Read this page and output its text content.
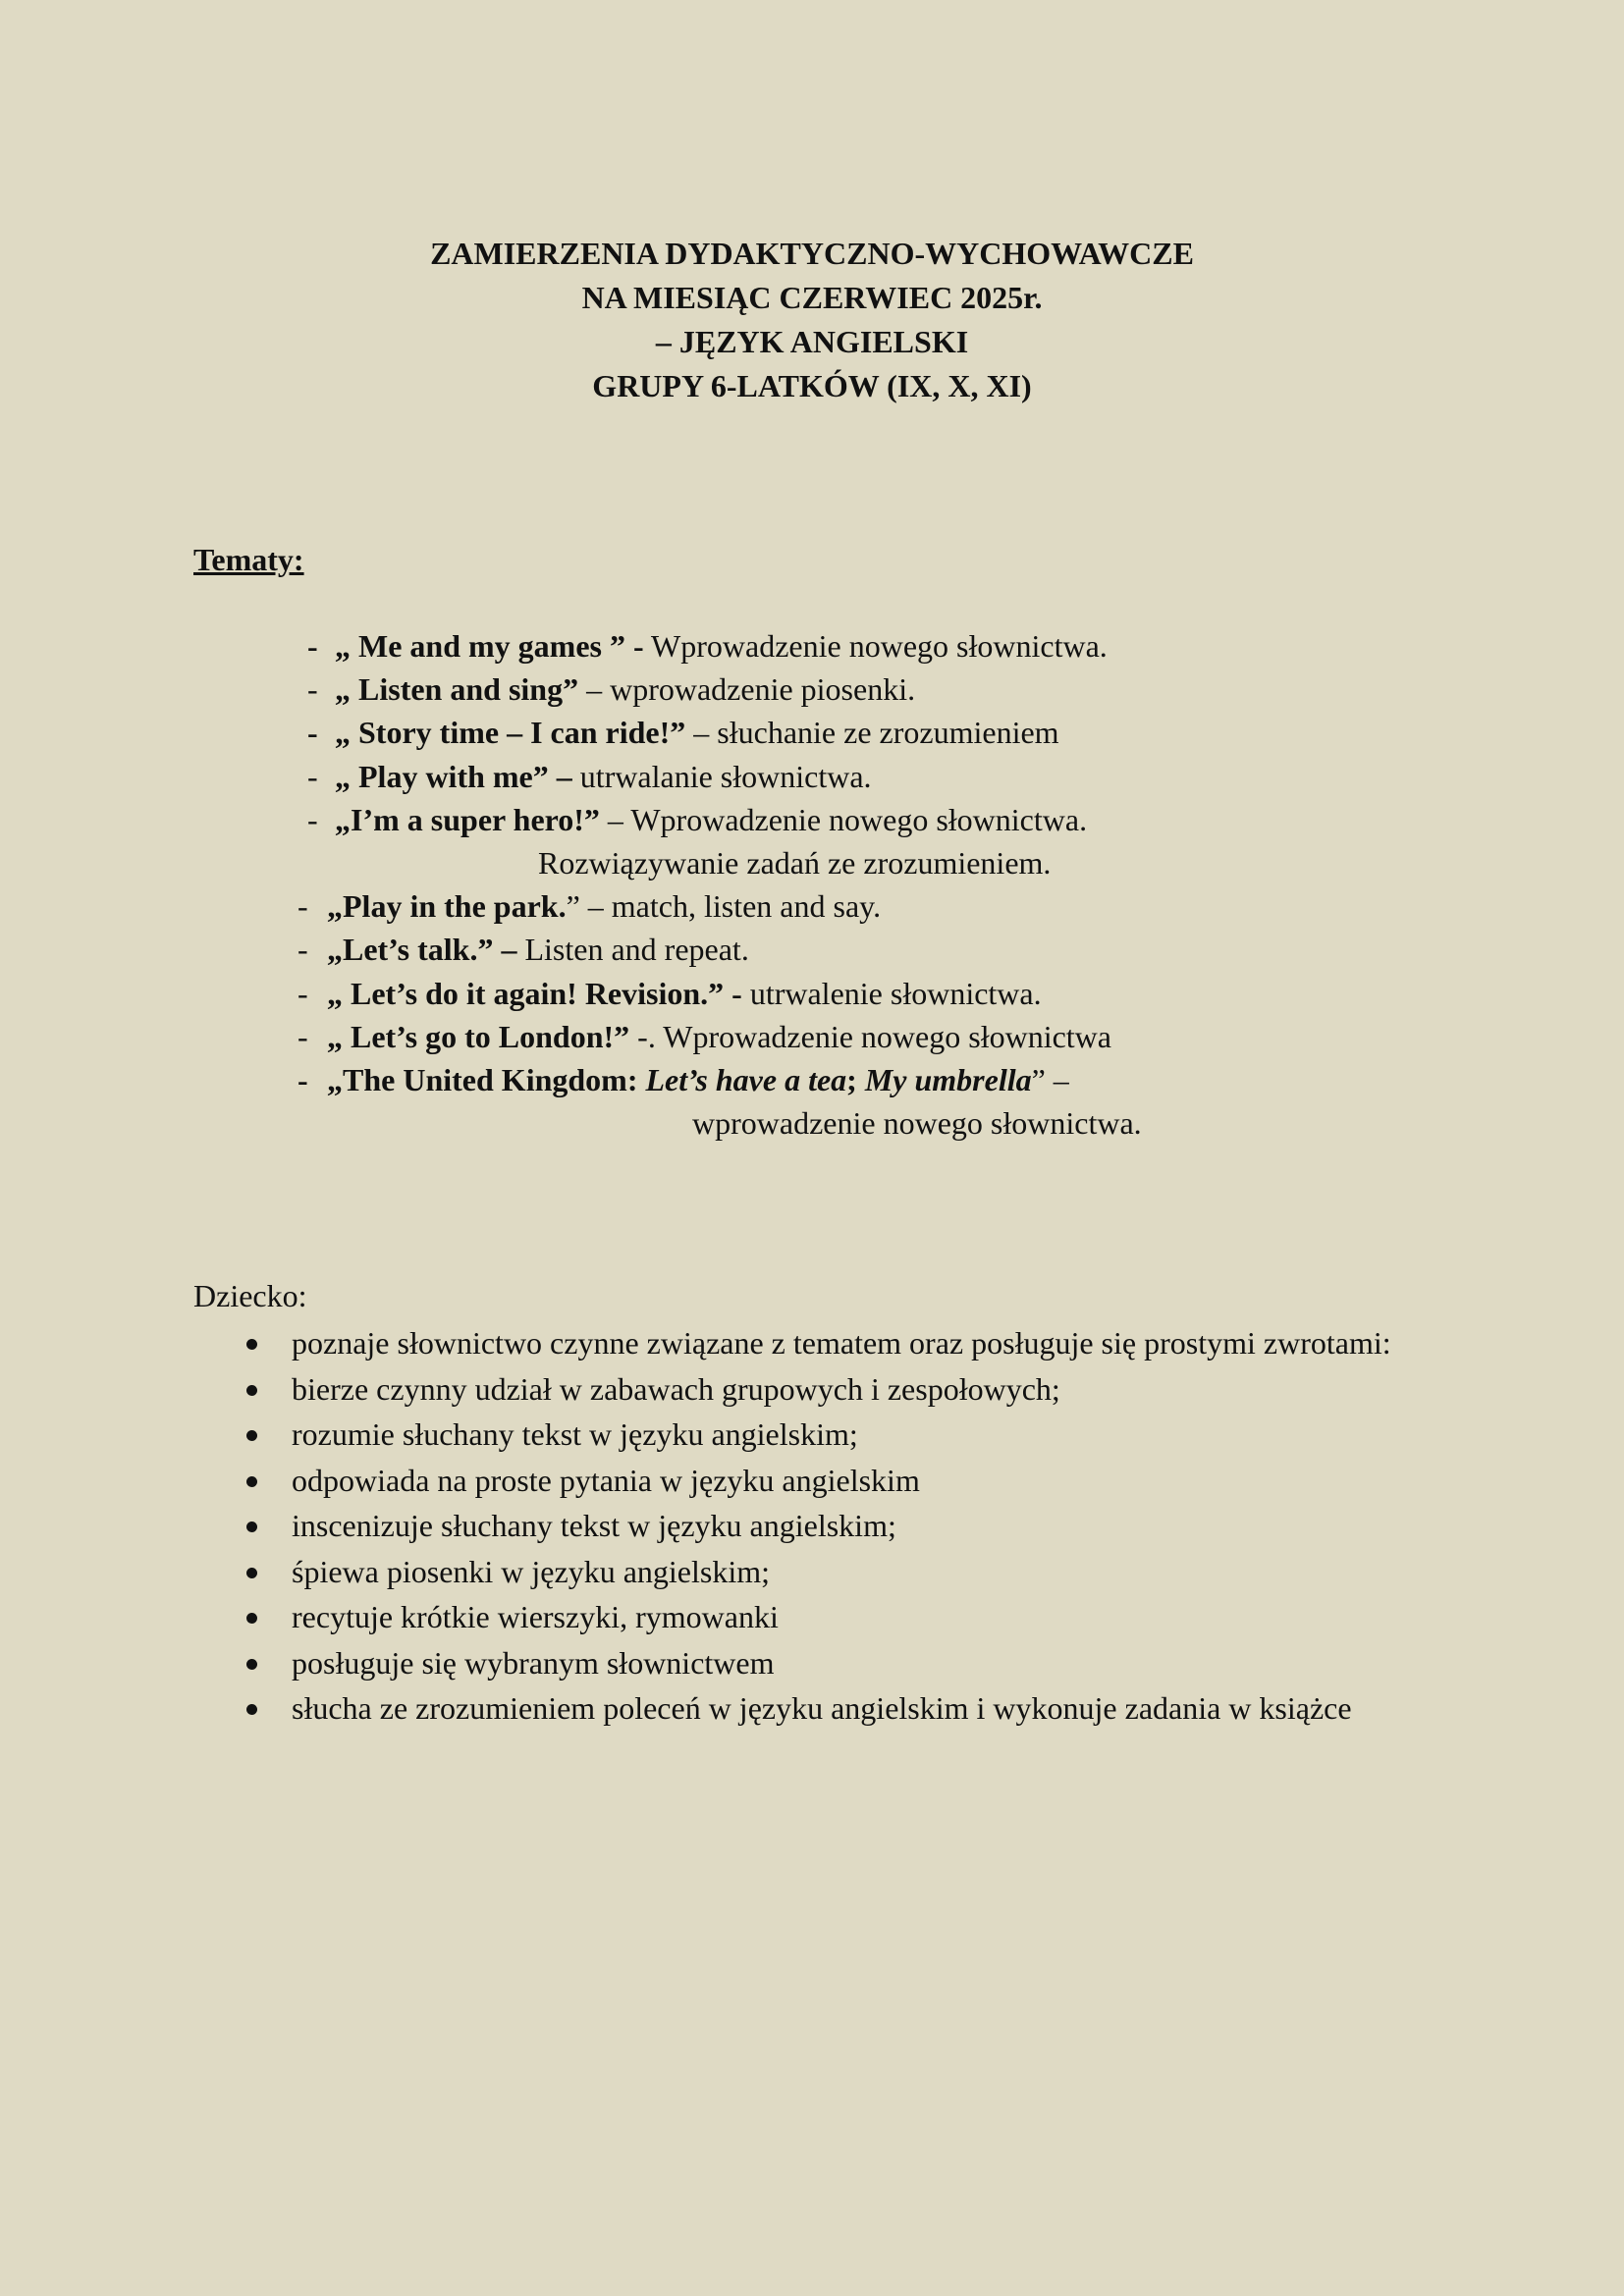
ZAMIERZENIA DYDAKTYCZNO-WYCHOWAWCZE
NA MIESIĄC CZERWIEC 2025r.
– JĘZYK ANGIELSKI
GRUPY 6-LATKÓW (IX, X, XI)
Tematy:
- „ Me and my games ” - Wprowadzenie nowego słownictwa.
- „ Listen and sing” – wprowadzenie piosenki.
- „ Story time – I can ride!” – słuchanie ze zrozumieniem
- „ Play with me” – utrwalanie słownictwa.
- „I’m a super hero!” – Wprowadzenie nowego słownictwa.
Rozwiązywanie zadań ze zrozumieniem.
- „Play in the park.” – match, listen and say.
- „Let’s talk.” – Listen and repeat.
- „ Let’s do it again! Revision.” - utrwalenie słownictwa.
- „ Let’s go to London!” -. Wprowadzenie nowego słownictwa
- „The United Kingdom: Let’s have a tea; My umbrella” –
wprowadzenie nowego słownictwa.
Dziecko:
poznaje słownictwo czynne związane z tematem oraz posługuje się prostymi zwrotami:
bierze czynny udział w zabawach grupowych i zespołowych;
rozumie słuchany tekst w języku angielskim;
odpowiada na proste pytania w języku angielskim
inscenizuje słuchany tekst w języku angielskim;
śpiewa piosenki w języku angielskim;
recytuje krótkie wierszyki, rymowanki
posługuje się wybranym słownictwem
słucha ze zrozumieniem poleceń w języku angielskim i wykonuje zadania w książce
